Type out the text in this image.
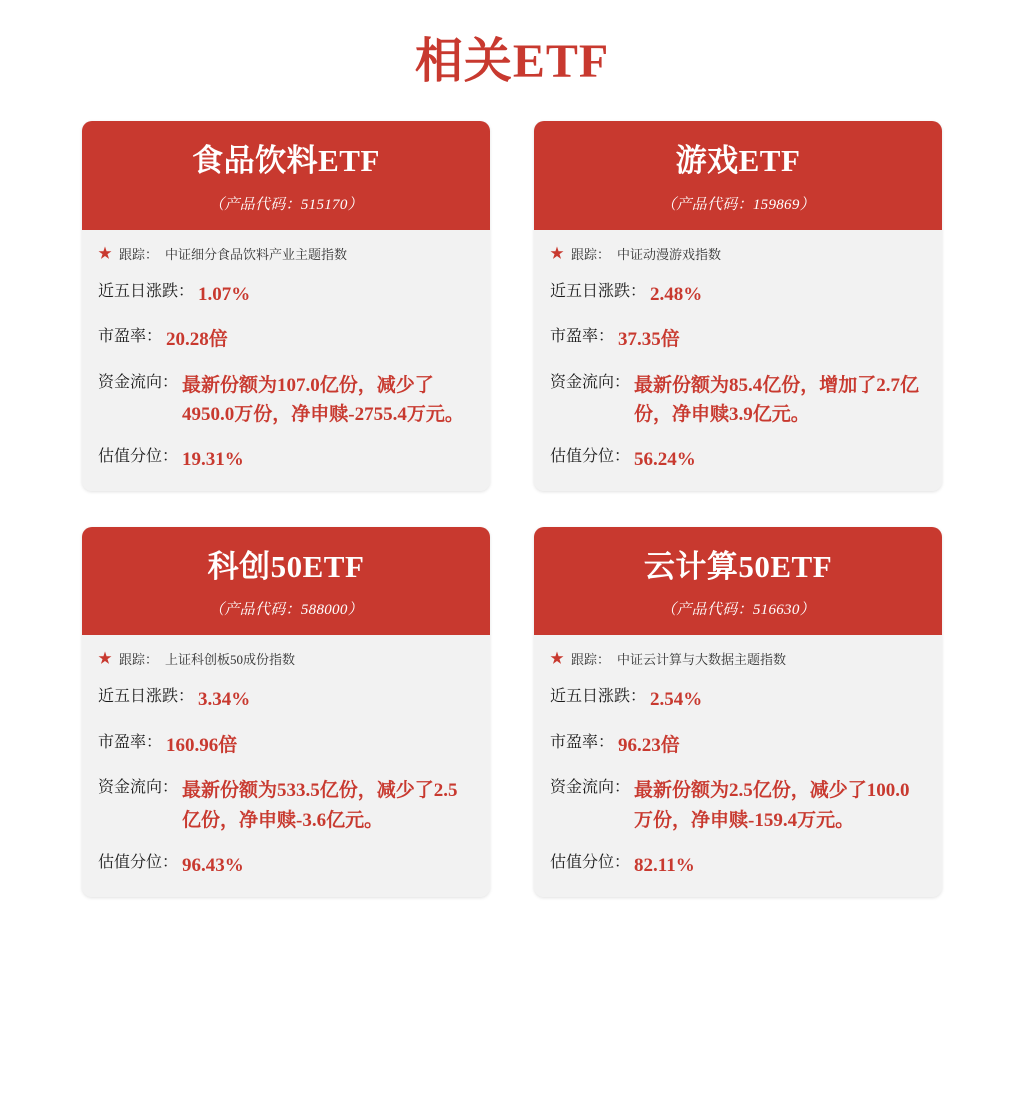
相关ETF
食品饮料ETF
（产品代码：515170）
★ 跟踪： 中证细分食品饮料产业主题指数
近五日涨跌： 1.07%
市盈率： 20.28倍
资金流向： 最新份额为107.0亿份，减少了4950.0万份，净申赎-2755.4万元。
估值分位： 19.31%
游戏ETF
（产品代码：159869）
★ 跟踪： 中证动漫游戏指数
近五日涨跌： 2.48%
市盈率： 37.35倍
资金流向： 最新份额为85.4亿份，增加了2.7亿份，净申赎3.9亿元。
估值分位： 56.24%
科创50ETF
（产品代码：588000）
★ 跟踪： 上证科创板50成份指数
近五日涨跌： 3.34%
市盈率： 160.96倍
资金流向： 最新份额为533.5亿份，减少了2.5亿份，净申赎-3.6亿元。
估值分位： 96.43%
云计算50ETF
（产品代码：516630）
★ 跟踪： 中证云计算与大数据主题指数
近五日涨跌： 2.54%
市盈率： 96.23倍
资金流向： 最新份额为2.5亿份，减少了100.0万份，净申赎-159.4万元。
估值分位： 82.11%
